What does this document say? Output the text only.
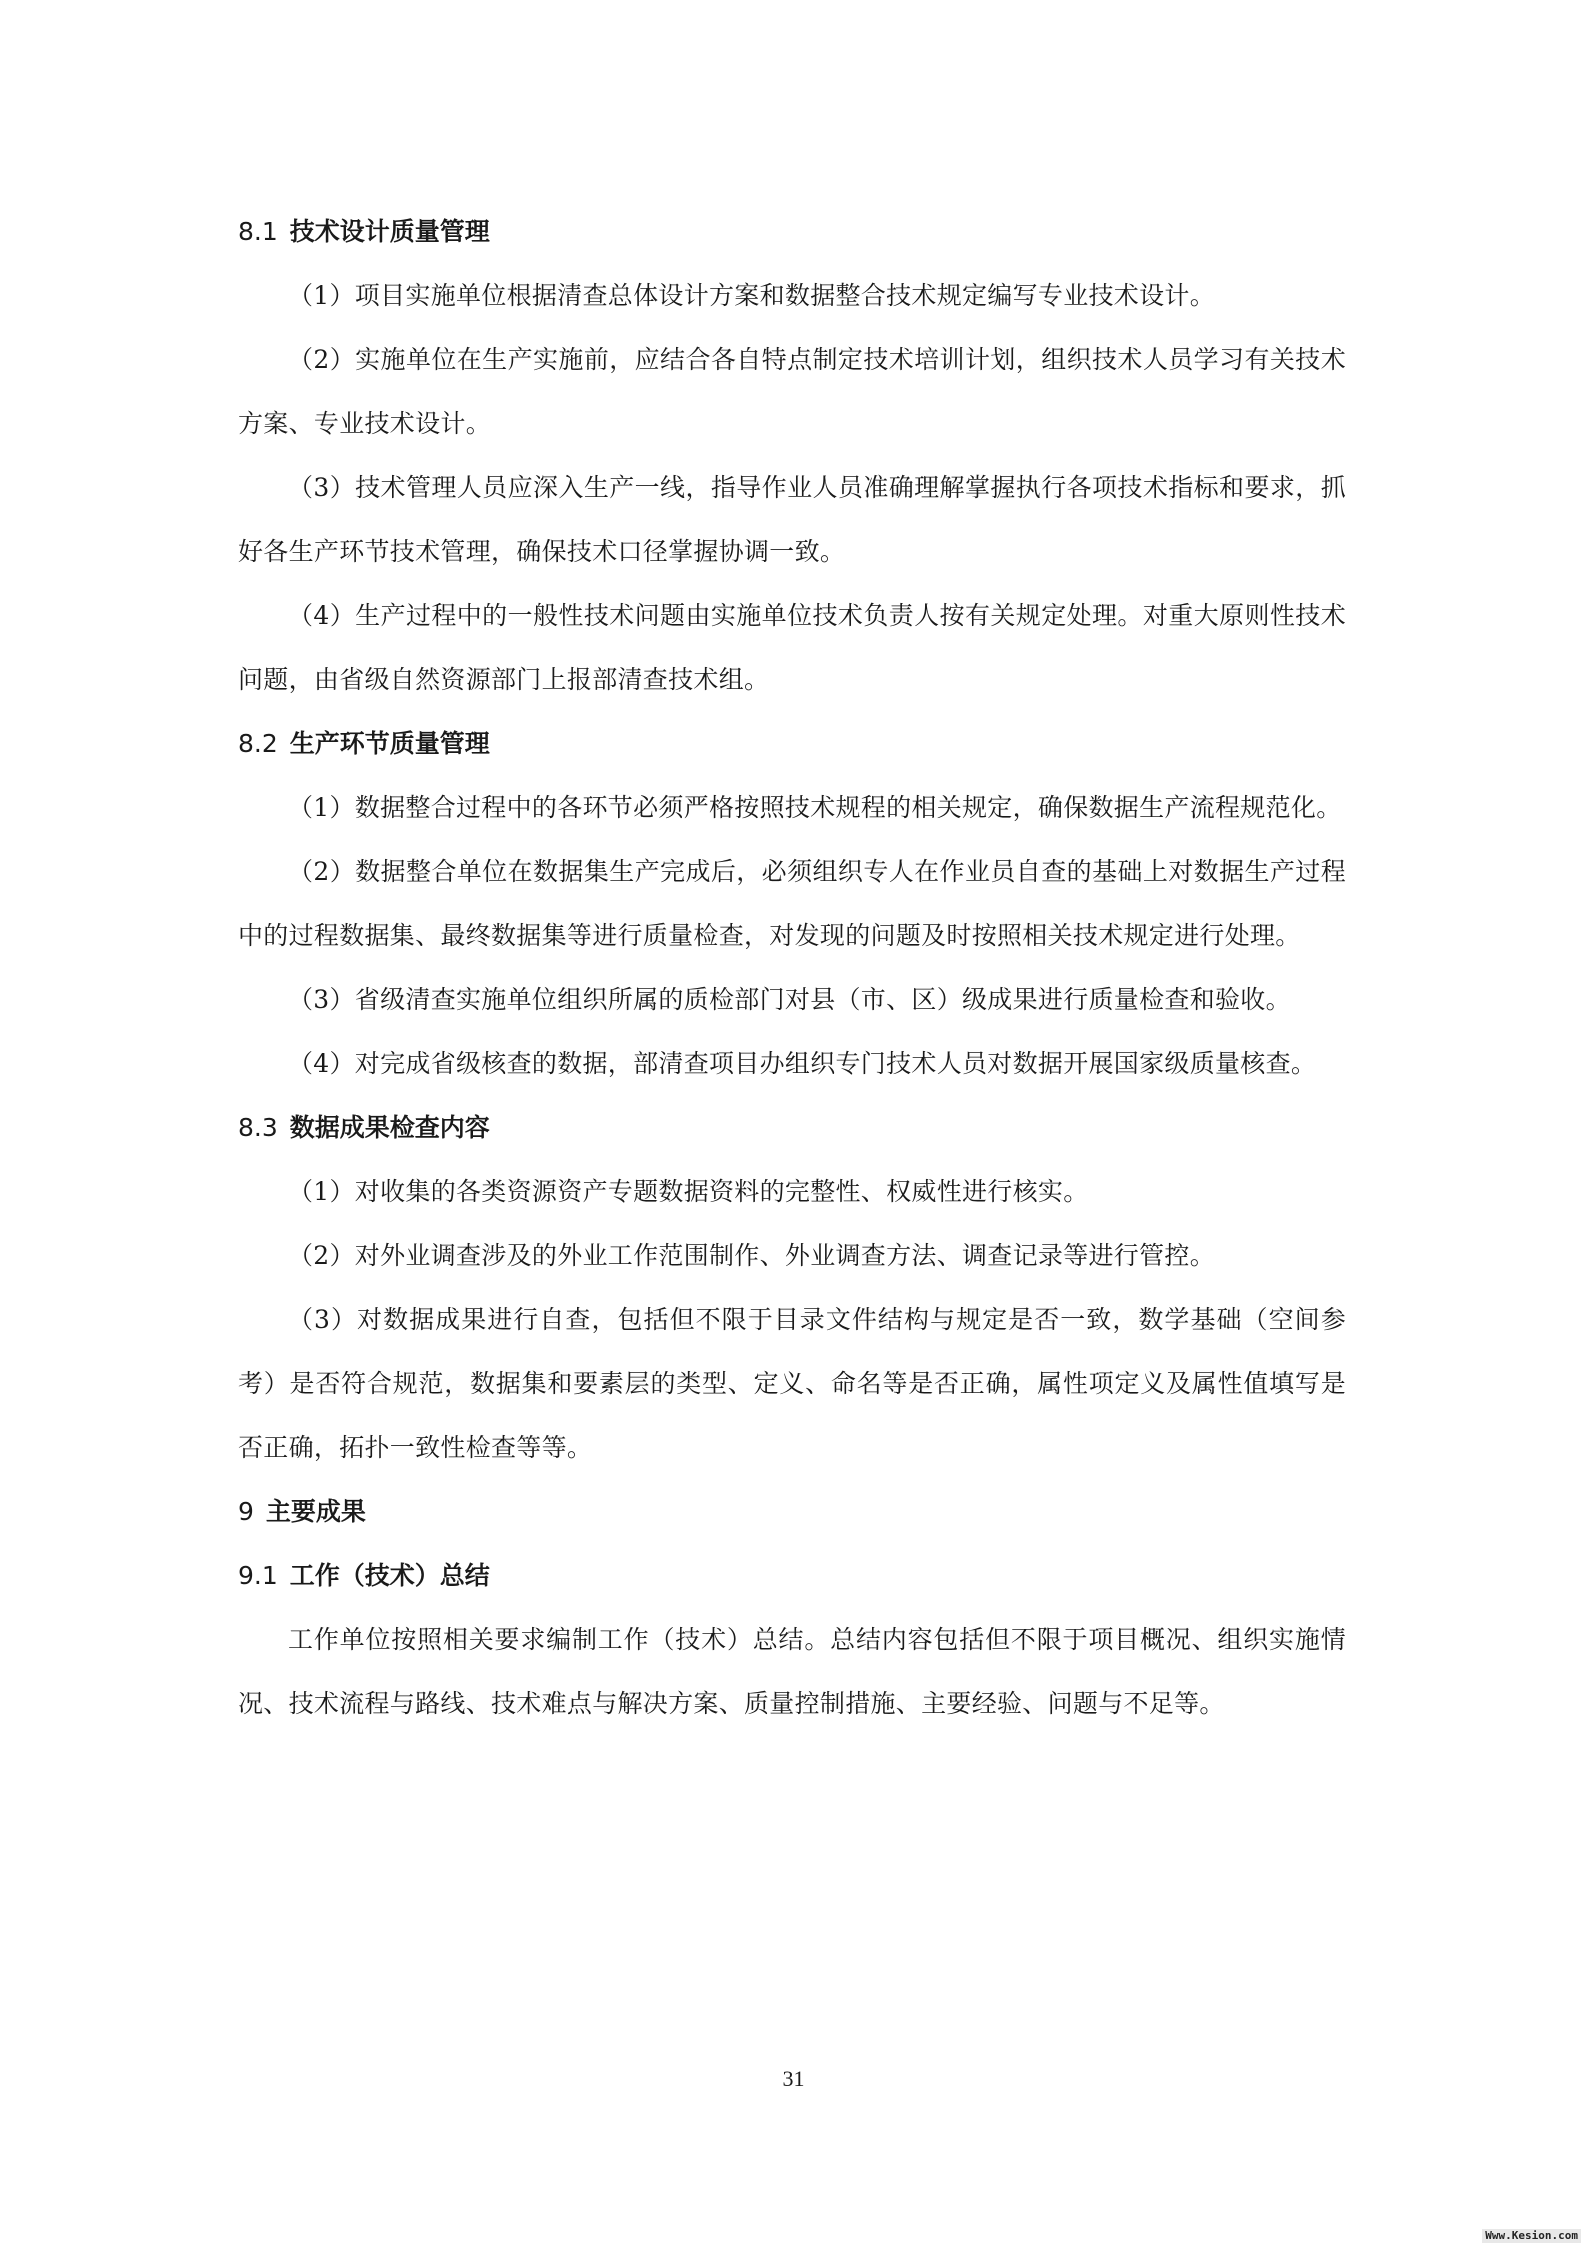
8.1 技术设计质量管理

（1）项目实施单位根据清查总体设计方案和数据整合技术规定编写专业技术设计。

（2）实施单位在生产实施前，应结合各自特点制定技术培训计划，组织技术人员学习有关技术方案、专业技术设计。

（3）技术管理人员应深入生产一线，指导作业人员准确理解掌握执行各项技术指标和要求，抓好各生产环节技术管理，确保技术口径掌握协调一致。

（4）生产过程中的一般性技术问题由实施单位技术负责人按有关规定处理。对重大原则性技术问题，由省级自然资源部门上报部清查技术组。

8.2 生产环节质量管理

（1）数据整合过程中的各环节必须严格按照技术规程的相关规定，确保数据生产流程规范化。

（2）数据整合单位在数据集生产完成后，必须组织专人在作业员自查的基础上对数据生产过程中的过程数据集、最终数据集等进行质量检查，对发现的问题及时按照相关技术规定进行处理。

（3）省级清查实施单位组织所属的质检部门对县（市、区）级成果进行质量检查和验收。

（4）对完成省级核查的数据，部清查项目办组织专门技术人员对数据开展国家级质量核查。

8.3 数据成果检查内容

（1）对收集的各类资源资产专题数据资料的完整性、权威性进行核实。

（2）对外业调查涉及的外业工作范围制作、外业调查方法、调查记录等进行管控。

（3）对数据成果进行自查，包括但不限于目录文件结构与规定是否一致，数学基础（空间参考）是否符合规范，数据集和要素层的类型、定义、命名等是否正确，属性项定义及属性值填写是否正确，拓扑一致性检查等等。

9 主要成果
9.1 工作（技术）总结

工作单位按照相关要求编制工作（技术）总结。总结内容包括但不限于项目概况、组织实施情况、技术流程与路线、技术难点与解决方案、质量控制措施、主要经验、问题与不足等。

31
Www.Kesion.com
